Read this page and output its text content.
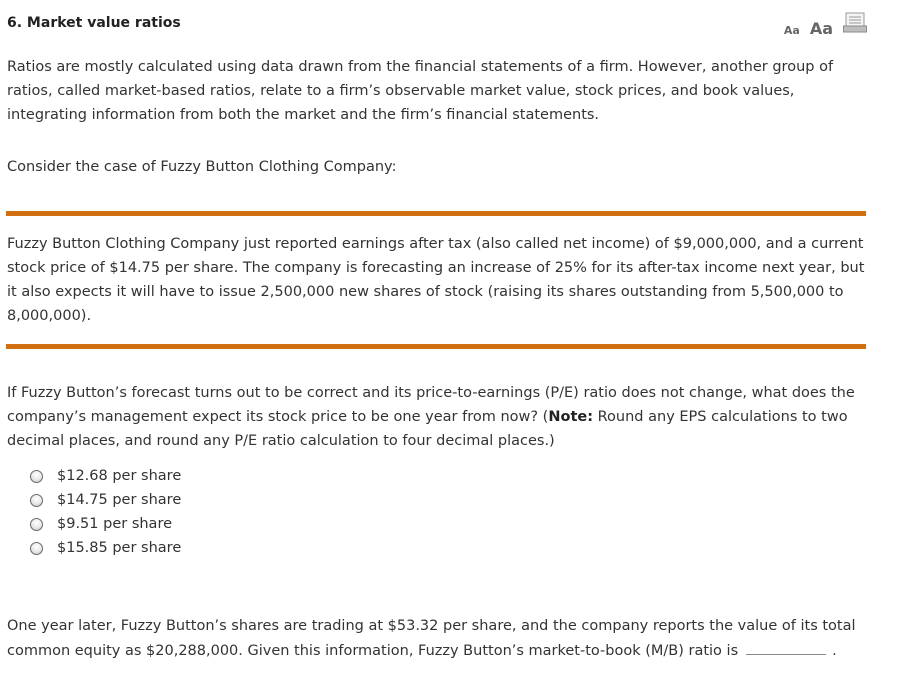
6. Market value ratios	Aa Aa

Ratios are mostly calculated using data drawn from the financial statements of a firm. However, another group of ratios, called market-based ratios, relate to a firm’s observable market value, stock prices, and book values, integrating information from both the market and the firm’s financial statements.

Consider the case of Fuzzy Button Clothing Company:

Fuzzy Button Clothing Company just reported earnings after tax (also called net income) of $9,000,000, and a current stock price of $14.75 per share. The company is forecasting an increase of 25% for its after-tax income next year, but it also expects it will have to issue 2,500,000 new shares of stock (raising its shares outstanding from 5,500,000 to 8,000,000).

If Fuzzy Button’s forecast turns out to be correct and its price-to-earnings (P/E) ratio does not change, what does the company’s management expect its stock price to be one year from now? (Note: Round any EPS calculations to two decimal places, and round any P/E ratio calculation to four decimal places.)

$12.68 per share
$14.75 per share
$9.51 per share
$15.85 per share

One year later, Fuzzy Button’s shares are trading at $53.32 per share, and the company reports the value of its total common equity as $20,288,000. Given this information, Fuzzy Button’s market-to-book (M/B) ratio is	.
